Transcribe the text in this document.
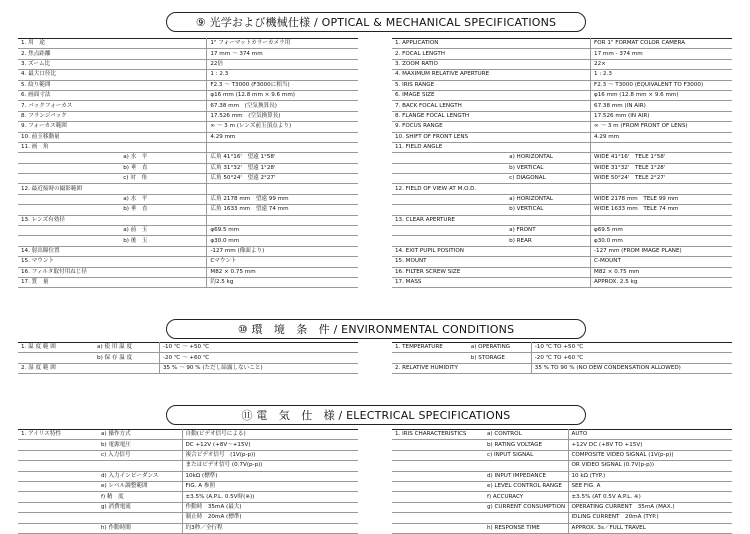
⑨ 光学および機械仕様 / OPTICAL & MECHANICAL SPECIFICATIONS
⑩ 環　境　条　件 / ENVIRONMENTAL CONDITIONS
⑪ 電　気　仕　様 / ELECTRICAL SPECIFICATIONS
1. 用　途		1" フォーマットカラーカメラ用
2. 焦点距離		17 mm ～ 374 mm
3. ズーム比		22倍
4. 最大口径比		1 : 2.3
5. 絞り範囲		F2.3 ～ T3000 (F3000に相当)
6. 画面寸法		φ16 mm (12.8 mm × 9.6 mm)
7. バックフォーカス		67.38 mm　(空気換算長)
8. フランジバック		17.526 mm　(空気換算長)
9. フォーカス範囲		∞ ～ 3 m (レンズ前玉頂点より)
10. 前玉移動量		4.29 mm
11. 画　角		
	a) 水　平	広角 41°16'　望遠 1°58'
	b) 垂　直	広角 31°32'　望遠 1°28'
	c) 対　角	広角 50°24'　望遠 2°27'
12. 最近接時の撮影範囲		
	a) 水　平	広角 2178 mm　望遠 99 mm
	b) 垂　直	広角 1633 mm　望遠 74 mm
13. レンズ有効径		
	a) 前　玉	φ69.5 mm
	b) 後　玉	φ30.0 mm
14. 射出瞳位置		-127 mm (像面より)
15. マウント		Cマウント
16. フィルタ取付用ねじ径		M82 × 0.75 mm
17. 質　量		約2.5 kg
1. APPLICATION		FOR 1" FORMAT COLOR CAMERA
2. FOCAL LENGTH		17 mm - 374 mm
3. ZOOM RATIO		22×
4. MAXIMUM RELATIVE APERTURE		1 : 2.3
5. IRIS RANGE		F2.3 ～ T3000 (EQUIVALENT TO F3000)
6. IMAGE SIZE		φ16 mm (12.8 mm × 9.6 mm)
7. BACK FOCAL LENGTH		67.38 mm (IN AIR)
8. FLANGE FOCAL LENGTH		17.526 mm (IN AIR)
9. FOCUS RANGE		∞ ～ 3 m (FROM FRONT OF LENS)
10. SHIFT OF FRONT LENS		4.29 mm
11. FIELD ANGLE		
	a) HORIZONTAL	WIDE 41°16'　TELE 1°58'
	b) VERTICAL	WIDE 31°32'　TELE 1°28'
	c) DIAGONAL	WIDE 50°24'　TELE 2°27'
12. FIELD OF VIEW AT M.O.D.		
	a) HORIZONTAL	WIDE 2178 mm　TELE 99 mm
	b) VERTICAL	WIDE 1633 mm　TELE 74 mm
13. CLEAR APERTURE		
	a) FRONT	φ69.5 mm
	b) REAR	φ30.0 mm
14. EXIT PUPIL POSITION		-127 mm (FROM IMAGE PLANE)
15. MOUNT		C-MOUNT
16. FILTER SCREW SIZE		M82 × 0.75 mm
17. MASS		APPROX. 2.5 kg
1. 温 度 範 囲	a) 使 用 温 度	-10 ℃ ～ +50 ℃
	b) 保 存 温 度	-20 ℃ ～ +60 ℃
2. 湿 度 範 囲		35 % ～ 90 % (ただし結露しないこと)
1. TEMPERATURE	a) OPERATING	-10 ℃ TO +50 ℃
	b) STORAGE	-20 ℃ TO +60 ℃
2. RELATIVE HUMIDITY		35 % TO 90 % (NO DEW CONDENSATION ALLOWED)
1. アイリス特性	a) 操作方式	自動(ビデオ信号による)
	b) 電源電圧	DC +12V (+8V～+15V)
	c) 入力信号	複合ビデオ信号　(1V(p-p))
		またはビデオ信号 (0.7V(p-p))
	d) 入力インピーダンス	10kΩ (標準)
	e) レベル調整範囲	FIG. A 参照
	f) 精　度	±3.5% (A.P.L. 0.5V時(※))
	g) 消費電流	作動時　35mA (最大)
		制止時　20mA (標準)
	h) 作動時間	約3秒／全行程
1. IRIS CHARACTERISTICS	a) CONTROL	AUTO
	b) RATING VOLTAGE	+12V DC (+8V TO +15V)
	c) INPUT SIGNAL	COMPOSITE VIDEO SIGNAL (1V(p-p))
		OR VIDEO SIGNAL (0.7V(p-p))
	d) INPUT IMPEDANCE	10 kΩ (TYP.)
	e) LEVEL CONTROL RANGE	SEE FIG. A
	f) ACCURACY	±3.5% (AT 0.5V A.P.L. ※)
	g) CURRENT CONSUMPTION	OPERATING CURRENT　35mA (MAX.)
		IDLING CURRENT　20mA (TYP.)
	h) RESPONSE TIME	APPROX. 3s／FULL TRAVEL
